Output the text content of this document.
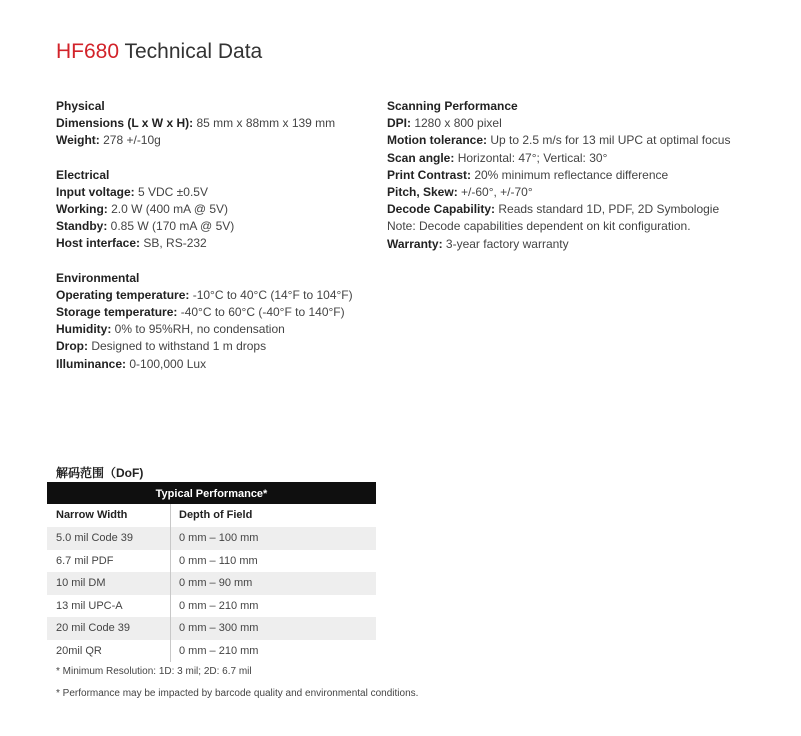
HF680 Technical Data
Physical
Dimensions (L x W x H): 85 mm x 88mm x 139 mm
Weight: 278 +/-10g
Electrical
Input voltage: 5 VDC ±0.5V
Working: 2.0 W (400 mA @ 5V)
Standby: 0.85 W (170 mA @ 5V)
Host interface: SB, RS-232
Environmental
Operating temperature: -10°C to 40°C (14°F to 104°F)
Storage temperature: -40°C to 60°C (-40°F to 140°F)
Humidity: 0% to 95%RH, no condensation
Drop: Designed to withstand 1 m drops
Illuminance: 0-100,000 Lux
Scanning Performance
DPI: 1280 x 800 pixel
Motion tolerance: Up to 2.5 m/s for 13 mil UPC at optimal focus
Scan angle: Horizontal: 47°; Vertical: 30°
Print Contrast: 20% minimum reflectance difference
Pitch, Skew: +/-60°, +/-70°
Decode Capability: Reads standard 1D, PDF, 2D Symbologie
Note: Decode capabilities dependent on kit configuration.
Warranty: 3-year factory warranty
解码范围（DoF)
Typical Performance*
Narrow Width	Depth of Field
5.0 mil Code 39	0 mm – 100 mm
6.7 mil PDF	0 mm – 110 mm
10 mil DM	0 mm – 90 mm
13 mil UPC-A	0 mm – 210 mm
20 mil Code 39	0 mm – 300 mm
20mil QR	0 mm – 210 mm
* Minimum Resolution: 1D: 3 mil; 2D: 6.7 mil
* Performance may be impacted by barcode quality and environmental conditions.
